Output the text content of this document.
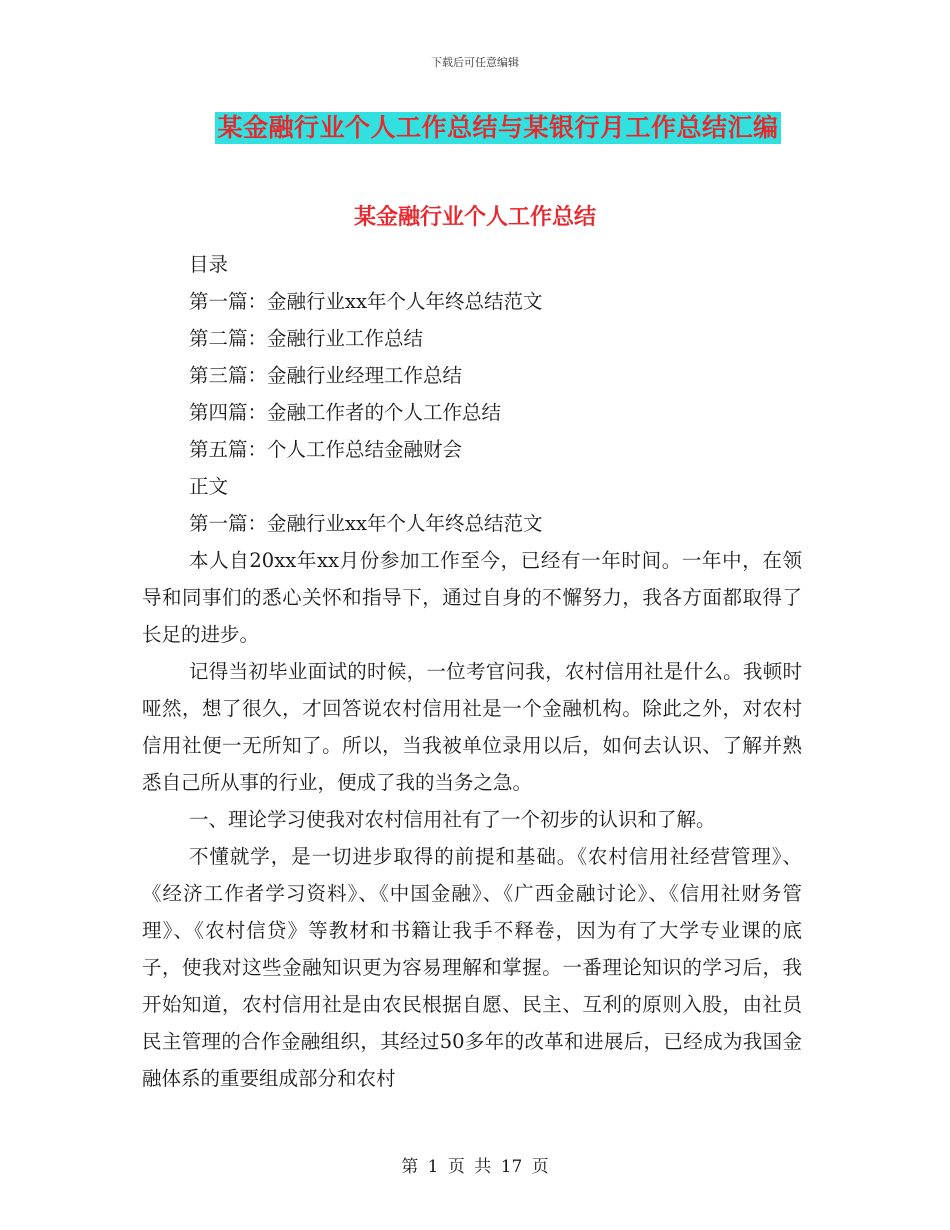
下载后可任意编辑
某金融行业个人工作总结与某银行月工作总结汇编
某金融行业个人工作总结
目录
第一篇：金融行业xx年个人年终总结范文
第二篇：金融行业工作总结
第三篇：金融行业经理工作总结
第四篇：金融工作者的个人工作总结
第五篇：个人工作总结金融财会
正文
第一篇：金融行业xx年个人年终总结范文

本人自20xx年xx月份参加工作至今，已经有一年时间。一年中，在领导和同事们的悉心关怀和指导下，通过自身的不懈努力，我各方面都取得了长足的进步。

记得当初毕业面试的时候，一位考官问我，农村信用社是什么。我顿时哑然，想了很久，才回答说农村信用社是一个金融机构。除此之外，对农村信用社便一无所知了。所以，当我被单位录用以后，如何去认识、了解并熟悉自己所从事的行业，便成了我的当务之急。

一、理论学习使我对农村信用社有了一个初步的认识和了解。

不懂就学，是一切进步取得的前提和基础。《农村信用社经营管理》、《经济工作者学习资料》、《中国金融》、《广西金融讨论》、《信用社财务管理》、《农村信贷》等教材和书籍让我手不释卷，因为有了大学专业课的底子，使我对这些金融知识更为容易理解和掌握。一番理论知识的学习后，我开始知道，农村信用社是由农民根据自愿、民主、互利的原则入股，由社员民主管理的合作金融组织，其经过50多年的改革和进展后，已经成为我国金融体系的重要组成部分和农村

第 1 页 共 17 页
